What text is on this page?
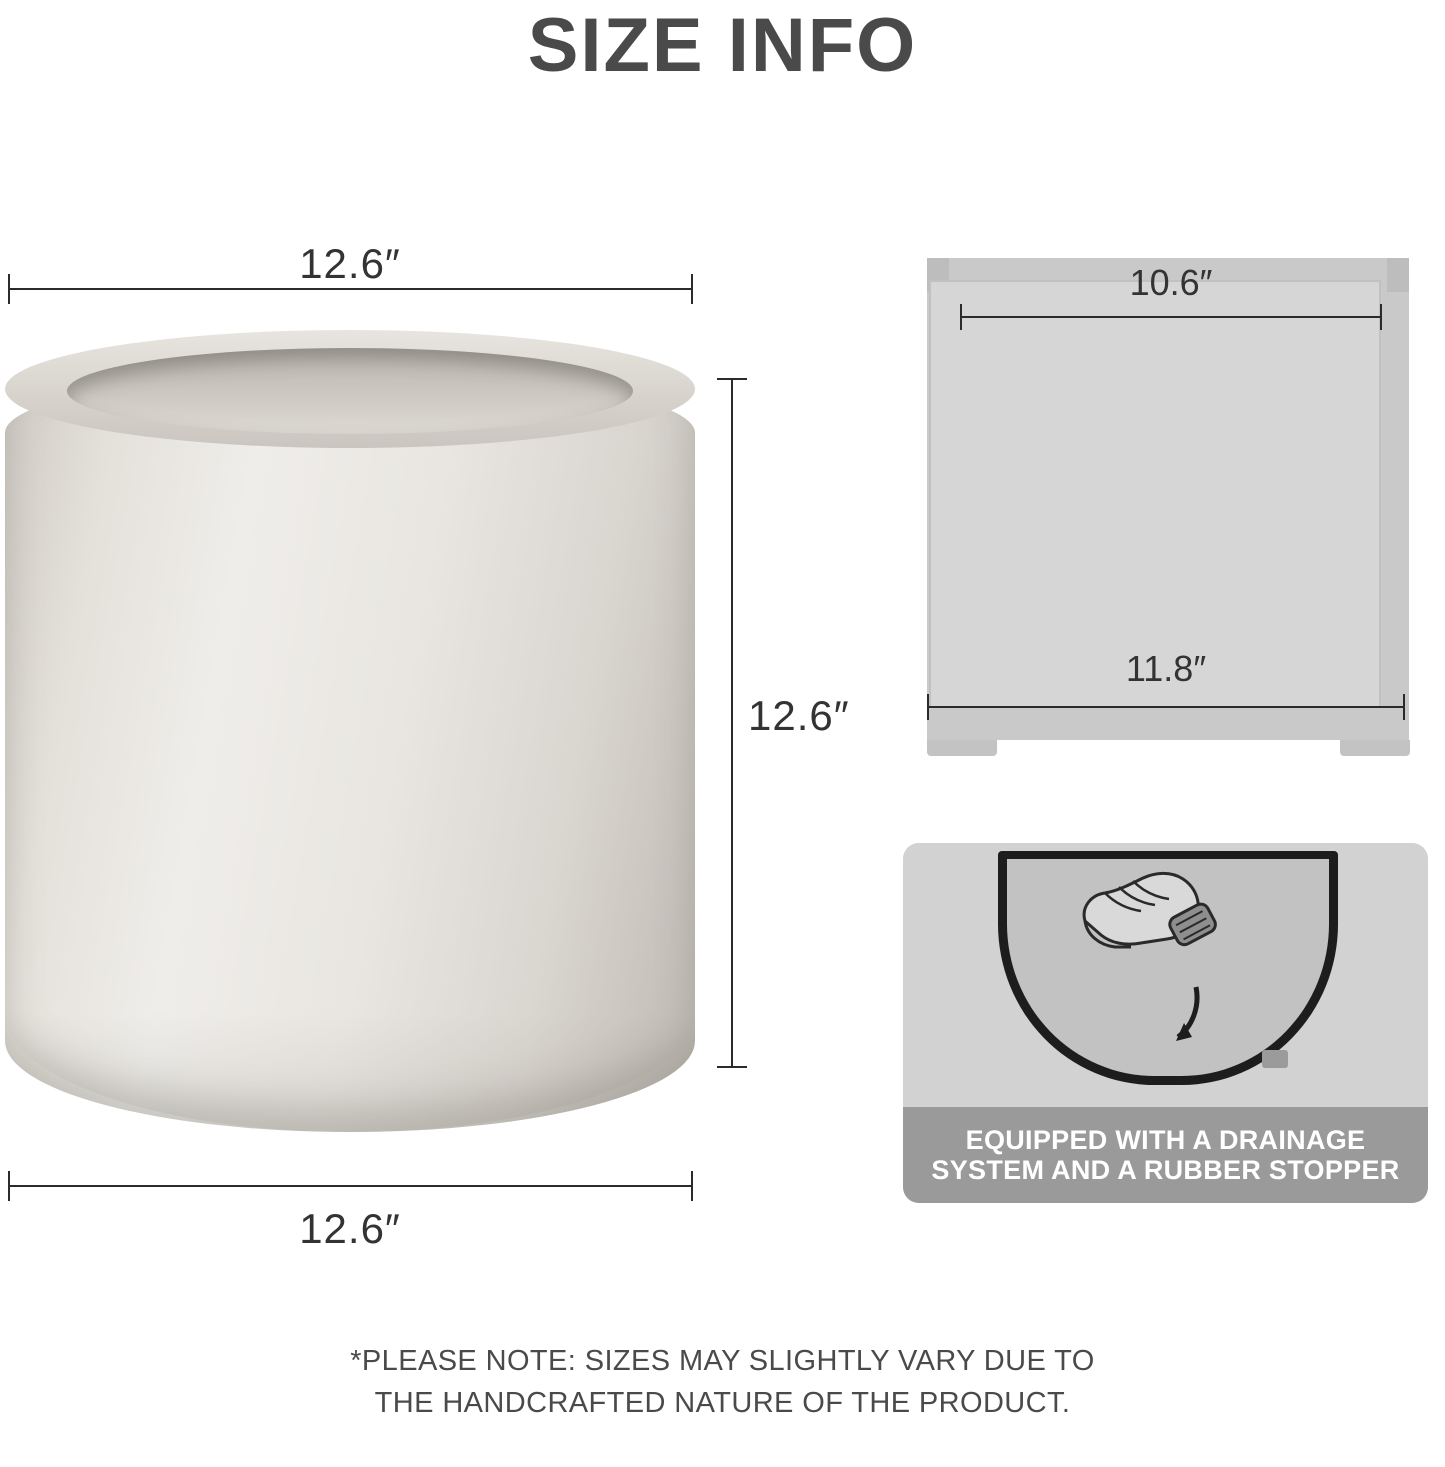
SIZE INFO
12.6″
12.6″
12.6″
10.6″
11.8″
EQUIPPED WITH A DRAINAGE
SYSTEM AND A RUBBER STOPPER
*PLEASE NOTE: SIZES MAY SLIGHTLY VARY DUE TO
THE HANDCRAFTED NATURE OF THE PRODUCT.
